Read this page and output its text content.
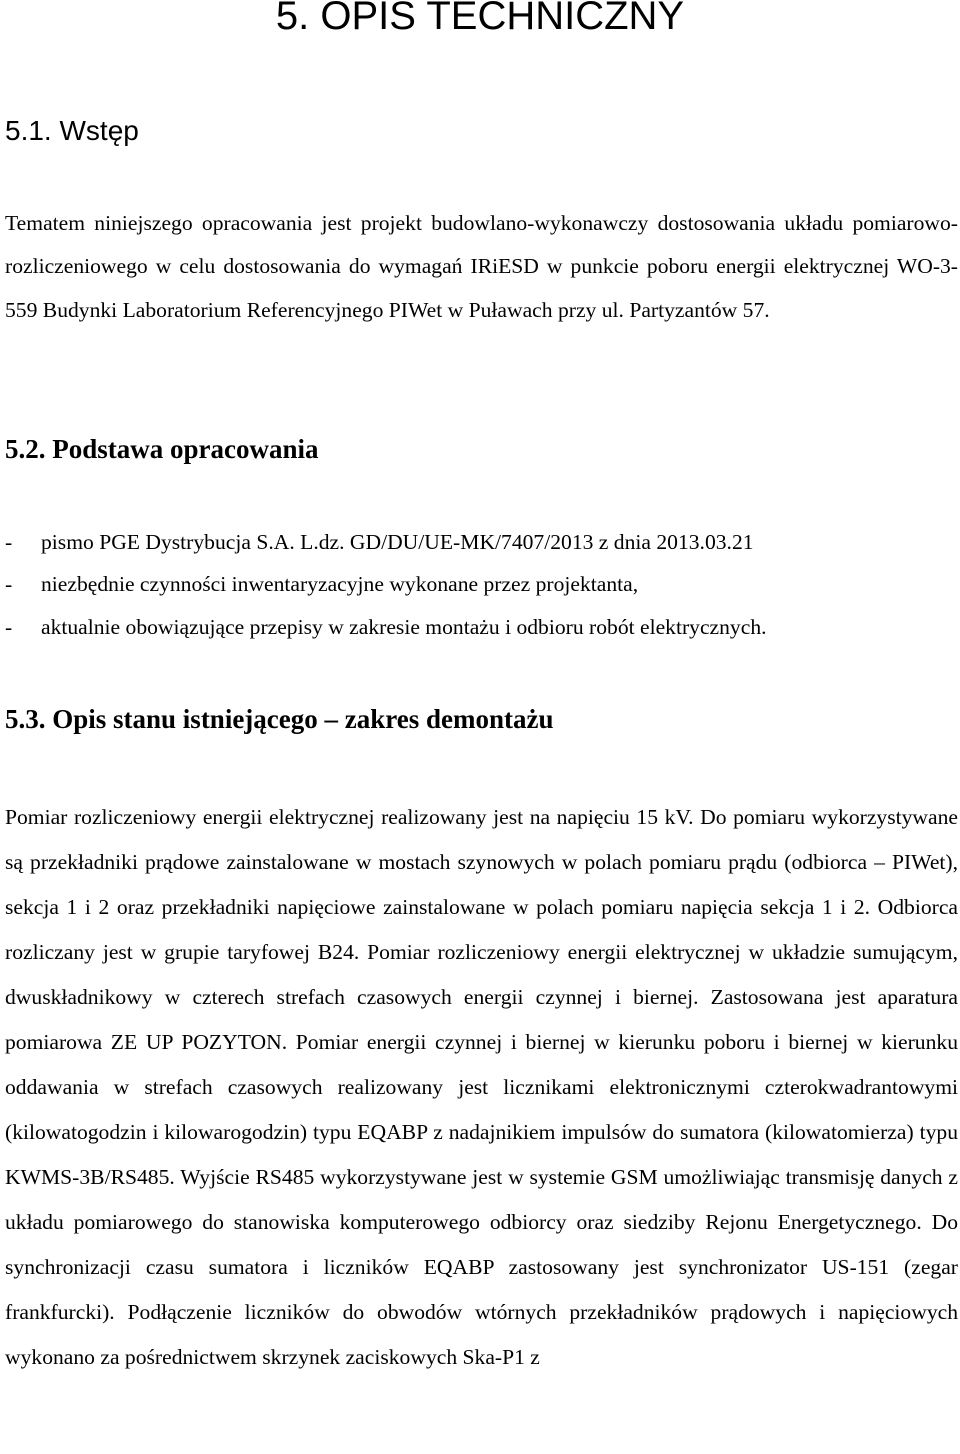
5. OPIS TECHNICZNY
5.1. Wstęp

Tematem niniejszego opracowania jest projekt budowlano-wykonawczy dostosowania układu pomiarowo-rozliczeniowego w celu dostosowania do wymagań IRiESD w punkcie poboru energii elektrycznej WO-3-559 Budynki Laboratorium Referencyjnego PIWet w Puławach przy ul. Partyzantów 57.

5.2. Podstawa opracowania
-	pismo PGE Dystrybucja S.A. L.dz. GD/DU/UE-MK/7407/2013 z dnia 2013.03.21
-	niezbędnie czynności inwentaryzacyjne wykonane przez projektanta,
-	aktualnie obowiązujące przepisy w zakresie montażu i odbioru robót elektrycznych.
5.3. Opis stanu istniejącego – zakres demontażu

Pomiar rozliczeniowy energii elektrycznej realizowany jest na napięciu 15 kV. Do pomiaru wykorzystywane są przekładniki prądowe zainstalowane w mostach szynowych w polach pomiaru prądu (odbiorca – PIWet), sekcja 1 i 2 oraz przekładniki napięciowe zainstalowane w polach pomiaru napięcia sekcja 1 i 2. Odbiorca rozliczany jest w grupie taryfowej B24. Pomiar rozliczeniowy energii elektrycznej w układzie sumującym, dwuskładnikowy w czterech strefach czasowych energii czynnej i biernej. Zastosowana jest aparatura pomiarowa ZE UP POZYTON. Pomiar energii czynnej i biernej w kierunku poboru i biernej w kierunku oddawania w strefach czasowych realizowany jest licznikami elektronicznymi czterokwadrantowymi (kilowatogodzin i kilowarogodzin) typu EQABP z nadajnikiem impulsów do sumatora (kilowatomierza) typu KWMS-3B/RS485. Wyjście RS485 wykorzystywane jest w systemie GSM umożliwiając transmisję danych z układu pomiarowego do stanowiska komputerowego odbiorcy oraz siedziby Rejonu Energetycznego. Do synchronizacji czasu sumatora i liczników EQABP zastosowany jest synchronizator US-151 (zegar frankfurcki). Podłączenie liczników do obwodów wtórnych przekładników prądowych i napięciowych wykonano za pośrednictwem skrzynek zaciskowych Ska-P1 z
